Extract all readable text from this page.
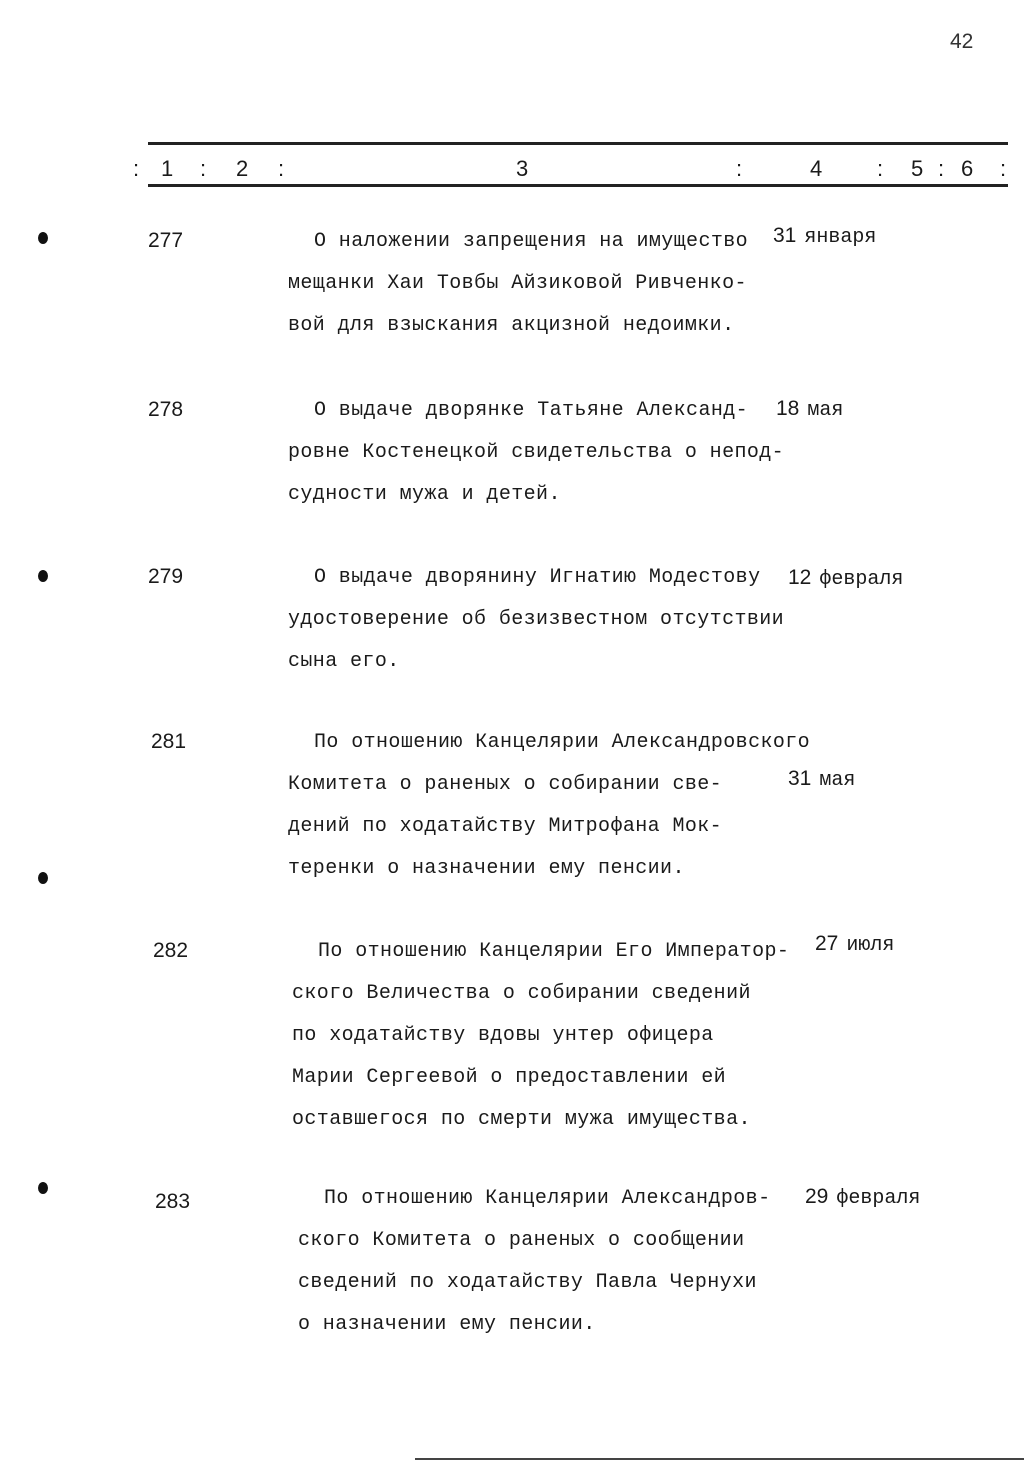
42
: 1 : 2 :	3	:	4 : 5 : 6 :
277	О наложении запрещения на имущество
мещанки Хаи Товбы Айзиковой Ривченко-
вой для взыскания акцизной недоимки.
31 января
278	О выдаче дворянке Татьяне Александ-
ровне Костенецкой свидетельства о непод-
судности мужа и детей.
18 мая
279	О выдаче дворянину Игнатию Модестову
удостоверение об безизвестном отсутствии
сына его.
12 февраля
281	По отношению Канцелярии Александровского
Комитета о раненых о собирании све-
дений по ходатайству Митрофана Мок-
теренки о назначении ему пенсии.
31 мая
282	По отношению Канцелярии Его Император-
ского Величества о собирании сведений
по ходатайству вдовы унтер офицера
Марии Сергеевой о предоставлении ей
оставшегося по смерти мужа имущества.
27 июля
283	По отношению Канцелярии Александров-
ского Комитета о раненых о сообщении
сведений по ходатайству Павла Чернухи
о назначении ему пенсии.
29 февраля
